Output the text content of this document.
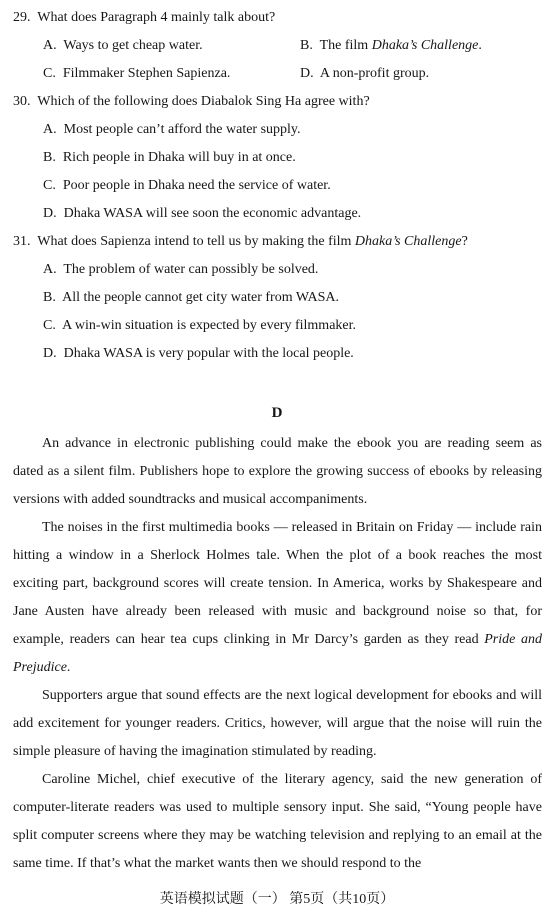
29. What does Paragraph 4 mainly talk about?
A. Ways to get cheap water.	B. The film Dhaka’s Challenge.
C. Filmmaker Stephen Sapienza.	D. A non-profit group.
30. Which of the following does Diabalok Sing Ha agree with?
A. Most people can’t afford the water supply.
B. Rich people in Dhaka will buy in at once.
C. Poor people in Dhaka need the service of water.
D. Dhaka WASA will see soon the economic advantage.
31. What does Sapienza intend to tell us by making the film Dhaka’s Challenge?
A. The problem of water can possibly be solved.
B. All the people cannot get city water from WASA.
C. A win-win situation is expected by every filmmaker.
D. Dhaka WASA is very popular with the local people.
D
An advance in electronic publishing could make the ebook you are reading seem as dated as a silent film. Publishers hope to explore the growing success of ebooks by releasing versions with added soundtracks and musical accompaniments.
The noises in the first multimedia books — released in Britain on Friday — include rain hitting a window in a Sherlock Holmes tale. When the plot of a book reaches the most exciting part, background scores will create tension. In America, works by Shakespeare and Jane Austen have already been released with music and background noise so that, for example, readers can hear tea cups clinking in Mr Darcy’s garden as they read Pride and Prejudice.
Supporters argue that sound effects are the next logical development for ebooks and will add excitement for younger readers. Critics, however, will argue that the noise will ruin the simple pleasure of having the imagination stimulated by reading.
Caroline Michel, chief executive of the literary agency, said the new generation of computer-literate readers was used to multiple sensory input. She said, “Young people have split computer screens where they may be watching television and replying to an email at the same time. If that’s what the market wants then we should respond to the
英语模拟试题（一） 第5页（共10页）
